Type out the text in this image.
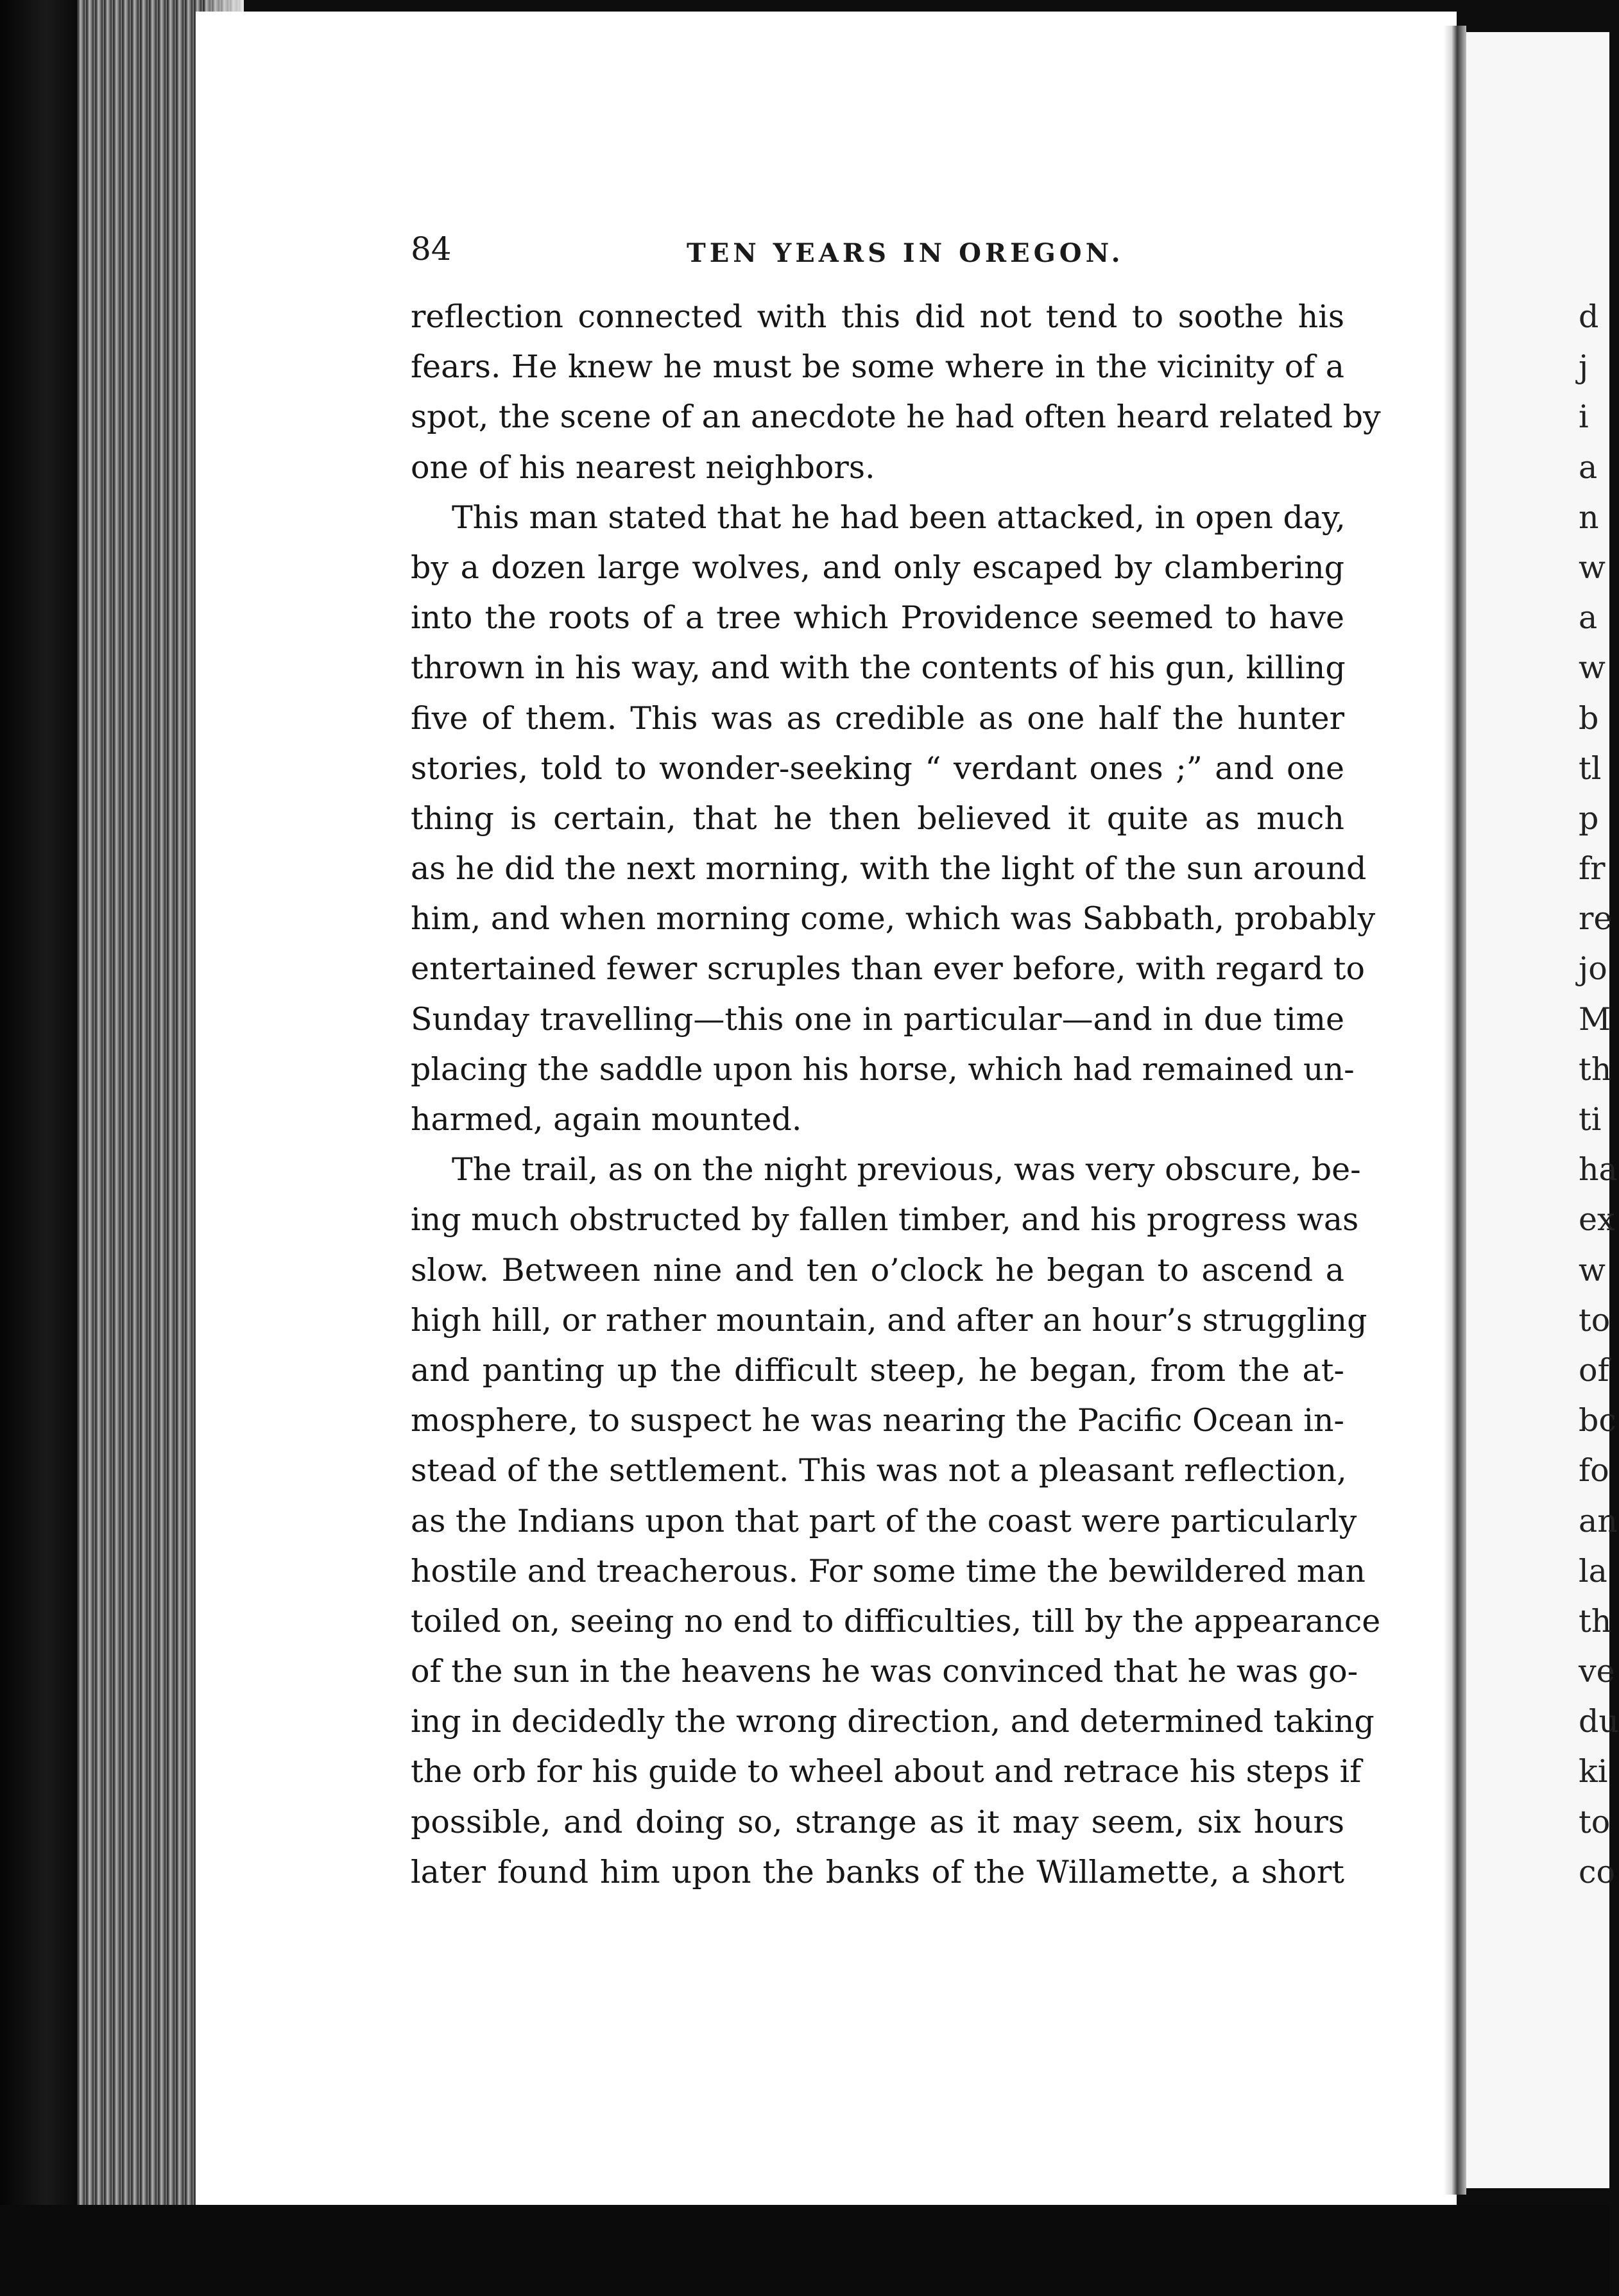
84	TEN YEARS IN OREGON.
reflection connected with this did not tend to soothe his
fears. He knew he must be some where in the vicinity of a
spot, the scene of an anecdote he had often heard related by
one of his nearest neighbors.
This man stated that he had been attacked, in open day,
by a dozen large wolves, and only escaped by clambering
into the roots of a tree which Providence seemed to have
thrown in his way, and with the contents of his gun, killing
five of them. This was as credible as one half the hunter
stories, told to wonder-seeking “ verdant ones ;” and one
thing is certain, that he then believed it quite as much
as he did the next morning, with the light of the sun around
him, and when morning come, which was Sabbath, probably
entertained fewer scruples than ever before, with regard to
Sunday travelling—this one in particular—and in due time
placing the saddle upon his horse, which had remained un-
harmed, again mounted.
The trail, as on the night previous, was very obscure, be-
ing much obstructed by fallen timber, and his progress was
slow. Between nine and ten o’clock he began to ascend a
high hill, or rather mountain, and after an hour’s struggling
and panting up the difficult steep, he began, from the at-
mosphere, to suspect he was nearing the Pacific Ocean in-
stead of the settlement. This was not a pleasant reflection,
as the Indians upon that part of the coast were particularly
hostile and treacherous. For some time the bewildered man
toiled on, seeing no end to difficulties, till by the appearance
of the sun in the heavens he was convinced that he was go-
ing in decidedly the wrong direction, and determined taking
the orb for his guide to wheel about and retrace his steps if
possible, and doing so, strange as it may seem, six hours
later found him upon the banks of the Willamette, a short
d
j
i
a
n
w
a
w
b
tl
p
fr
re
jo
M
th
ti
ha
ex
w
to
of
bc
fo
an
la
th
ve
du
ki
to
co
